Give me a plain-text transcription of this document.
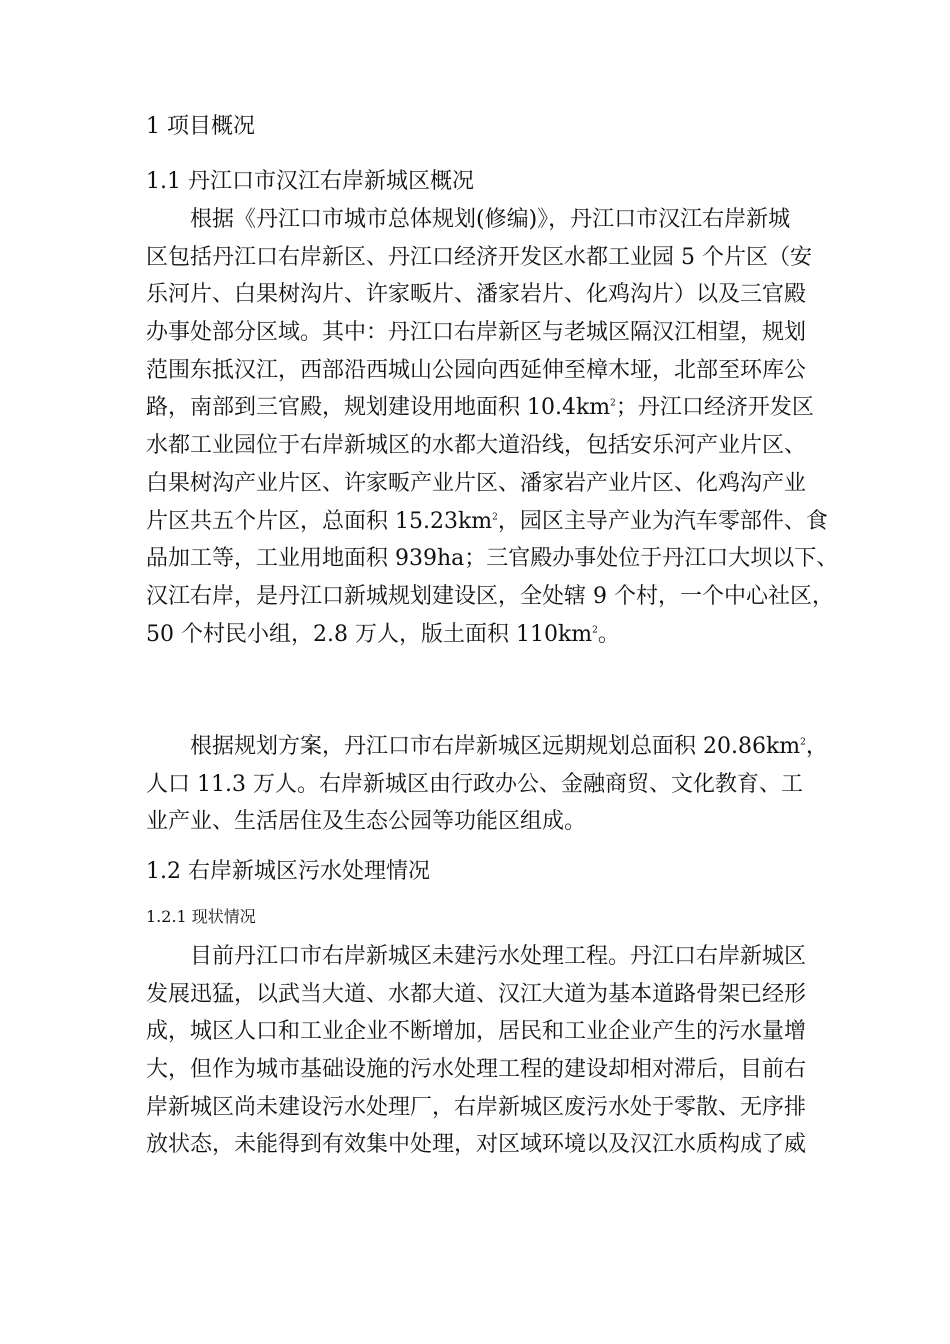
1 项目概况
1.1 丹江口市汉江右岸新城区概况
根据《丹江口市城市总体规划(修编)》，丹江口市汉江右岸新城
区包括丹江口右岸新区、丹江口经济开发区水都工业园 5 个片区（安
乐河片、白果树沟片、许家畈片、潘家岩片、化鸡沟片）以及三官殿
办事处部分区域。其中：丹江口右岸新区与老城区隔汉江相望，规划
范围东抵汉江，西部沿西城山公园向西延伸至樟木垭，北部至环库公
路，南部到三官殿，规划建设用地面积 $10.4km^2$；丹江口经济开发区
水都工业园位于右岸新城区的水都大道沿线，包括安乐河产业片区、
白果树沟产业片区、许家畈产业片区、潘家岩产业片区、化鸡沟产业
片区共五个片区，总面积 $15.23km^2$，园区主导产业为汽车零部件、食
品加工等，工业用地面积 939ha；三官殿办事处位于丹江口大坝以下、
汉江右岸，是丹江口新城规划建设区，全处辖 9 个村，一个中心社区，
50 个村民小组，2.8 万人，版土面积 $110km^2$。
根据规划方案，丹江口市右岸新城区远期规划总面积 $20.86km^2$，
人口 11.3 万人。右岸新城区由行政办公、金融商贸、文化教育、工
业产业、生活居住及生态公园等功能区组成。
1.2 右岸新城区污水处理情况
1.2.1 现状情况
目前丹江口市右岸新城区未建污水处理工程。丹江口右岸新城区
发展迅猛，以武当大道、水都大道、汉江大道为基本道路骨架已经形
成，城区人口和工业企业不断增加，居民和工业企业产生的污水量增
大，但作为城市基础设施的污水处理工程的建设却相对滞后，目前右
岸新城区尚未建设污水处理厂，右岸新城区废污水处于零散、无序排
放状态，未能得到有效集中处理，对区域环境以及汉江水质构成了威
